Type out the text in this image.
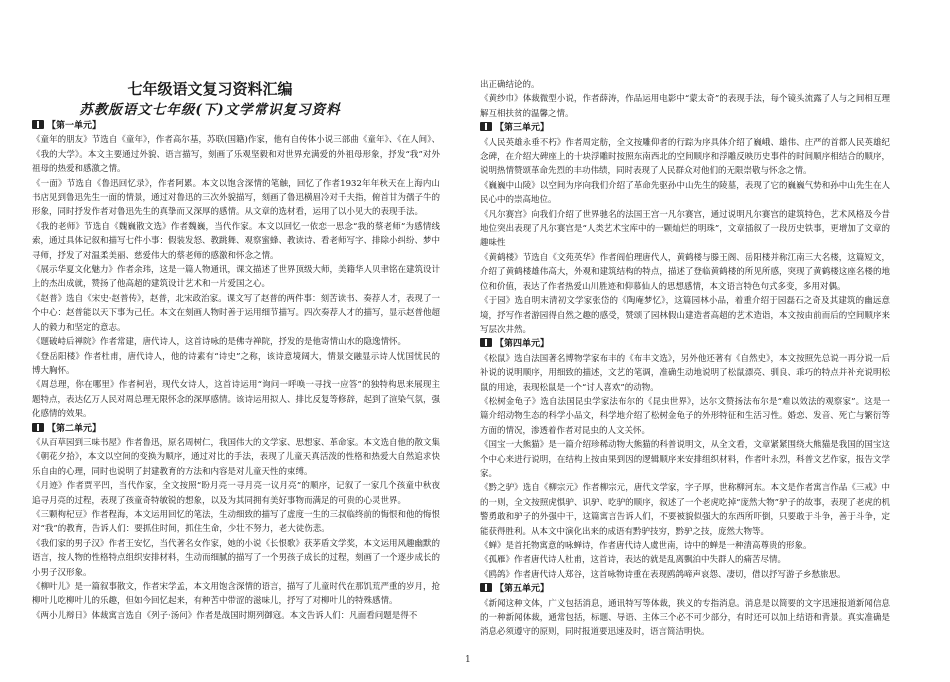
七年级语文复习资料汇编
苏教版语文七年级(下)文学常识复习资料
【第一单元】
《童年的朋友》节选自《童年》，作者高尔基，苏联(国籍)作家，他有自传体小说三部曲《童年》、《在人间》、《我的大学》。本文主要通过外貌、语言描写，刻画了乐观坚毅和对世界充满爱的外祖母形象，抒发“我”对外祖母的热爱和感激之情。
《一面》节选自《鲁迅回忆录》，作者阿累。本文以饱含深情的笔触，回忆了作者1932年年秋天在上海内山书店见到鲁迅先生一面的情景，通过对鲁迅的三次外貌描写，刻画了鲁迅横眉冷对千夫指，俯首甘为孺子牛的形象，同时抒发作者对鲁迅先生的真挚而又深厚的感情。从文章的选材看，运用了以小见大的表现手法。
《我的老师》节选自《魏巍散文选》作者魏巍，当代作家。本文以回忆一依恋一思念“我的蔡老师”为感情线索，通过具体记叙和描写七件小事：假装发怒、教跳舞、观察蜜蜂、教读诗、看老师写字、排除小纠纷、梦中寻师，抒发了对温柔美丽、慈爱伟大的蔡老师的感激和怀念之情。
《展示华夏文化魅力》作者余玮，这是一篇人物通讯，课文描述了世界顶级大师，美籍华人贝聿铭在建筑设计上的杰出成就，赞扬了他高超的建筑设计艺术和一片爱国之心。
《赵普》选自《宋史·赵普传》，赵普，北宋政治家。课文写了赵普的两件事：刻苦读书、奏荐人才，表现了一个中心：赵普能以天下事为己任。本文在刻画人物时善于运用细节描写。四次奏荐人才的描写，显示赵普他超人的毅力和坚定的意志。
《题破峙后禅院》作者常建，唐代诗人，这首诗咏的是佛寺禅院，抒发的是他寄情山水的隐逸情怀。
《登岳阳楼》作者杜甫，唐代诗人，他的诗素有“诗史”之称，该诗意境阔大，情景交融显示诗人忧国忧民的博大胸怀。
《周总理，你在哪里》作者柯岩，现代女诗人，这首诗运用“询问一呼唤一寻找一应答”的独特构思来展现主题特点，表达亿万人民对周总理无限怀念的深厚感情。该诗运用拟人、排比反复等修辞，起到了渲染气氛，强化感情的效果。
【第二单元】
《从百草园到三味书屋》作者鲁迅，原名周树仁，我国伟大的文学家、思想家、革命家。本文选自他的散文集《朝花夕拾》，本文以空间的变换为顺序，通过对比的手法，表现了儿童天真活泼的性格和热爱大自然追求快乐自由的心理，同时也说明了封建教育的方法和内容是对儿童天性的束缚。
《月迹》作者贾平凹，当代作家，全文按照“盼月亮一寻月亮一议月亮”的顺序，记叙了一家几个孩童中秋夜追寻月亮的过程，表现了孩童奇特敏锐的想象，以及为其同拥有美好事物而满足的可贵的心灵世界。
《三颗枸杞豆》作者程海，本文运用回忆的笔法，生动细致的描写了虚度一生的三叔临终前的悔恨和他的悔恨对“我”的教育，告诉人们：要抓住时间，抓住生命，少壮不努力，老大徒伤悲。
《我们家的男子汉》作者王安忆，当代著名女作家，她的小说《长恨歌》获茅盾文学奖，本文运用风趣幽默的语言，按人物的性格特点组织安排材料，生动而细腻的描写了一个男孩子成长的过程，刻画了一个逐步成长的小男子汉形象。
《柳叶儿》是一篇叙事散文，作者宋学孟，本文用饱含深情的语言，描写了儿童时代在那饥荒严重的岁月，抢柳叶儿吃柳叶儿的乐趣，但如今回忆起来，有种苦中带涩的滋味儿，抒写了对柳叶儿的特殊感情。
《两小儿辩日》体裁寓言选自《列子·汤问》作者是战国时期列御寇。本文告诉人们：凡面看问题是得不
出正确结论的。
《黄纱巾》体裁微型小说，作者薛涛，作品运用电影中“蒙太奇”的表现手法，每个镜头流露了人与之间相互理解互相扶贫的温馨之情。
【第三单元】
《人民英雄永垂不朽》作者周定舫，全文按雕仰者的行踪为序具体介绍了巍峨、雄伟、庄严的首都人民英雄纪念碑，在介绍大碑座上的十块浮雕时按照东南西北的空间顺序和浮雕反映历史事件的时间顺序相结合的顺序，说明热情赞颂革命先烈的丰功伟绩，同时表现了人民群众对他们的无限崇敬与怀念之情。
《巍巍中山陵》以空间为序向我们介绍了革命先驱孙中山先生的陵墓，表现了它的巍巍气势和孙中山先生在人民心中的崇高地位。
《凡尔赛宫》向我们介绍了世界驰名的法国王宫一凡尔赛宫，通过说明凡尔赛宫的建筑特色，艺术风格及今昔地位突出表现了凡尔赛宫是“人类艺术宝库中的一颗灿烂的明珠”，文章插叙了一段历史铁事，更增加了文章的趣味性
《黄鹤楼》节选自《文苑英华》作者阎伯理唐代人，黄鹤楼与滕王阁、岳阳楼并称江南三大名楼，这篇短文，介绍了黄鹤楼雄伟高大，外观和建筑结构的特点，描述了登临黄鹤楼的所见所感，突现了黄鹤楼这座名楼的地位和价值，表达了作者热爱山川胜迹和仰慕仙人的思想感情，本文语言特色句式多变，多用对偶。
《于园》选自明末清初文学家张岱的《陶庵梦忆》，这篇园林小品，着重介绍于园磊石之奇及其建筑的幽远意境，抒写作者游园得自然之趣的感受，赞颂了园林假山建造者高超的艺术造诣，本文按由前而后的空间顺序来写层次井然。
【第四单元】
《松鼠》选自法国著名博物学家布丰的《布丰文选》，另外他还著有《自然史》，本文按照先总说一再分说一后补说的说明顺序，用细致的描述，文艺的笔调，准确生动地说明了松鼠漂亮、驯良、乖巧的特点并补充说明松鼠的用途，表现松鼠是一个“讨人喜欢”的动物。
《松树金龟子》选自法国昆虫学家法布尔的《昆虫世界》，达尔文赞扬法布尔是“难以效法的观察家”。这是一篇介绍动物生态的科学小品文，科学地介绍了松树金龟子的外形特征和生活习性。婚恋、发音、死亡与繁衍等方面的情况，渗透着作者对昆虫的人文关怀。
《国宝一大熊猫》是一篇介绍珍稀动物大熊猫的科普说明文，从全文看，文章紧紧围绕大熊猫是我国的国宝这个中心来进行说明，在结构上按由果到因的逻辑顺序来安排组织材料，作者叶永烈，科普文艺作家，报告文学家。
《黔之驴》选自《柳宗元》作者柳宗元，唐代文学家，字子厚，世称柳河东。本文是作者寓言作品《三戒》中的一则，全文按照虎惧驴、识驴、吃驴的顺序，叙述了一个老虎吃掉“庞然大物”驴子的故事，表现了老虎的机警勇敢和驴子的外强中干，这篇寓言告诉人们，不要被貌似强大的东西所吓倒，只要敢于斗争，善于斗争，定能获得胜利。从本文中演化出来的成语有黔驴技穷，黔驴之技，庞然大物等。
《蝉》是首托物寓意的咏蝉诗，作者唐代诗人虞世南，诗中的蝉是一种清高尊贵的形象。
《孤雁》作者唐代诗人杜甫，这首诗，表达的就是乱离飘泊中失群人的痛苦尽情。
《鸥鸽》作者唐代诗人郑谷，这首咏物诗重在表现鸥鸽啼声哀怨、凄切，借以抒写游子乡愁旅思。
【第五单元】
《新闻这种文体，广义包括消息，通讯特写等体裁，狭义的专指消息。消息是以简要的文字迅速报道新闻信息的一种新闻体裁，通常包括，标题、导语、主体三个必不可少部分，有时还可以加上结语和背景。真实准确是消息必须遵守的原则，同时报道要迅速及时，语言简洁明快。
1
